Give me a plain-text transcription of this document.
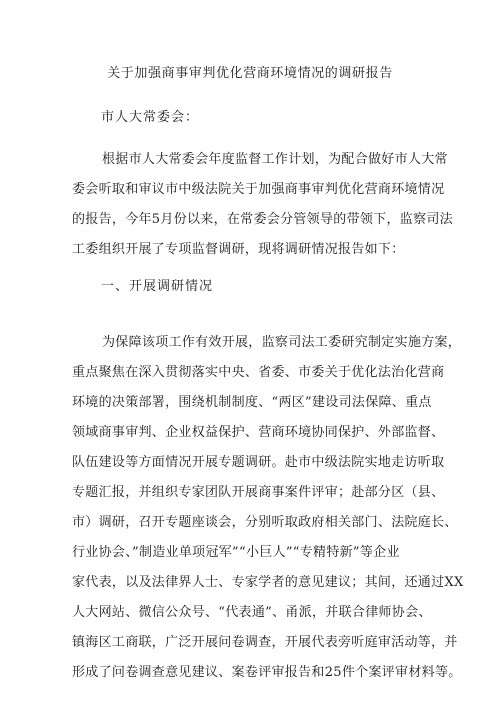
关于加强商事审判优化营商环境情况的调研报告
市人大常委会：
根据市人大常委会年度监督工作计划，为配合做好市人大常
委会听取和审议市中级法院关于加强商事审判优化营商环境情况
的报告，今年5月份以来，在常委会分管领导的带领下，监察司法
工委组织开展了专项监督调研，现将调研情况报告如下：
一、开展调研情况
为保障该项工作有效开展，监察司法工委研究制定实施方案，
重点聚焦在深入贯彻落实中央、省委、市委关于优化法治化营商
环境的决策部署，围绕机制制度、“两区”建设司法保障、重点
领域商事审判、企业权益保护、营商环境协同保护、外部监督、
队伍建设等方面情况开展专题调研。赴市中级法院实地走访听取
专题汇报，并组织专家团队开展商事案件评审；赴部分区（县、
市）调研，召开专题座谈会，分别听取政府相关部门、法院庭长、
行业协会、”制造业单项冠军”“小巨人”“专精特新”等企业
家代表，以及法律界人士、专家学者的意见建议；其间，还通过XX
人大网站、微信公众号、“代表通”、甬派，并联合律师协会、
镇海区工商联，广泛开展问卷调查，开展代表旁听庭审活动等，并
形成了问卷调查意见建议、案卷评审报告和25件个案评审材料等。
